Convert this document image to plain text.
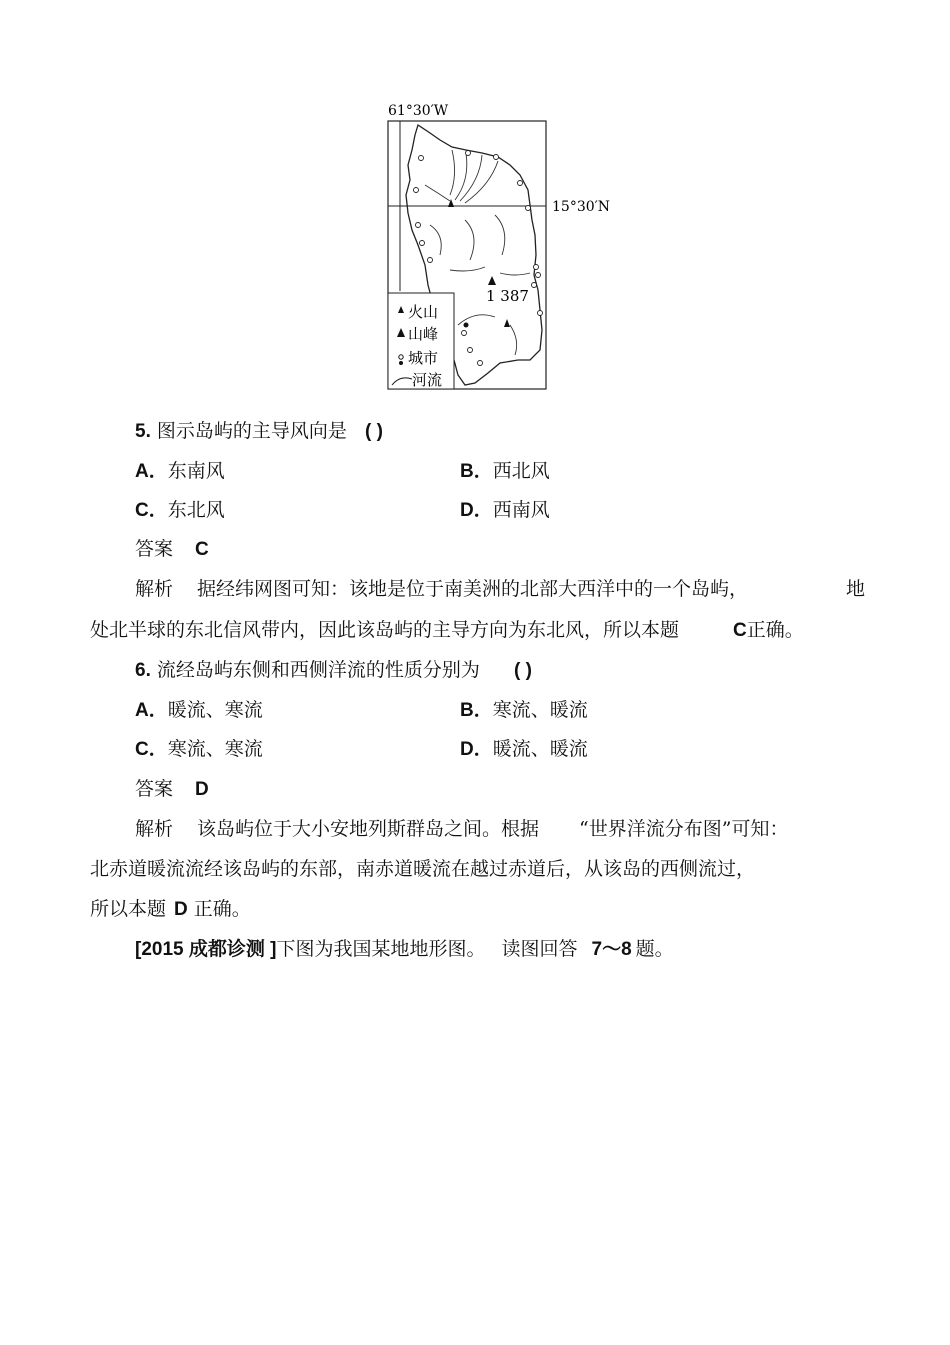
61°30′W
15°30′N
1 387
火山
山峰
城市
河流
5. 图示岛屿的主导风向是 ( )
A．东南风	B．西北风
C．东北风	D．西南风
答案 C
解析 据经纬网图可知：该地是位于南美洲的北部大西洋中的一个岛屿，	地
处北半球的东北信风带内，因此该岛屿的主导方向为东北风，所以本题	C正确。
6. 流经岛屿东侧和西侧洋流的性质分别为 ( )
A．暖流、寒流	B．寒流、暖流
C．寒流、寒流	D．暖流、暖流
答案 D
解析 该岛屿位于大小安地列斯群岛之间。根据 “世界洋流分布图”可知：
北赤道暖流流经该岛屿的东部，南赤道暖流在越过赤道后，从该岛的西侧流过，
所以本题 D 正确。
[2015 成都诊测 ]下图为我国某地地形图。 读图回答 7～8 题。
